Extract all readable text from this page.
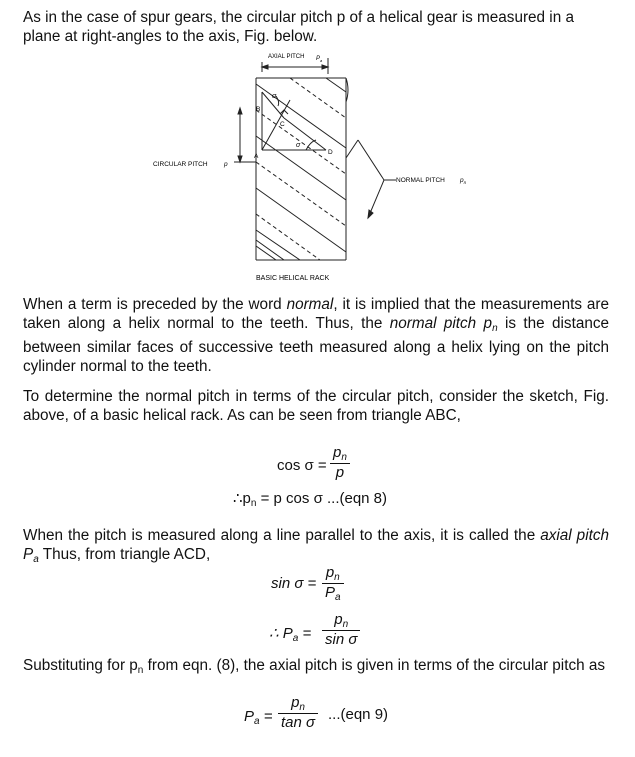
As in the case of spur gears, the circular pitch p of a helical gear is measured in a
plane at right-angles to the axis, Fig. below.

AXIAL PITCH $P_a$
CIRCULAR PITCH	p
NORMAL PITCH $p_n$
A
B
C
D
σ
σ
BASIC HELICAL RACK

When a term is preceded by the word normal, it is implied that the measurements are taken along a helix normal to the teeth. Thus, the normal pitch $p_n$ is the distance between similar faces of successive teeth measured along a helix lying on the pitch cylinder normal to the teeth.

To determine the normal pitch in terms of the circular pitch, consider the sketch, Fig. above, of a basic helical rack. As can be seen from triangle ABC,

cos σ =
$p_n$
p
$\therefore p_n = p$ cos σ ...(eqn 8)

When the pitch is measured along a line parallel to the axis, it is called the axial pitch $P_a$ Thus, from triangle ACD,

sin σ =
$p_n$
$P_a$
∴ $P_a$ =
$p_n$
sin σ

Substituting for $p_n$ from eqn. (8), the axial pitch is given in terms of the circular pitch as

$P_a$ =
$p_n$
tan σ ...(eqn 9)
